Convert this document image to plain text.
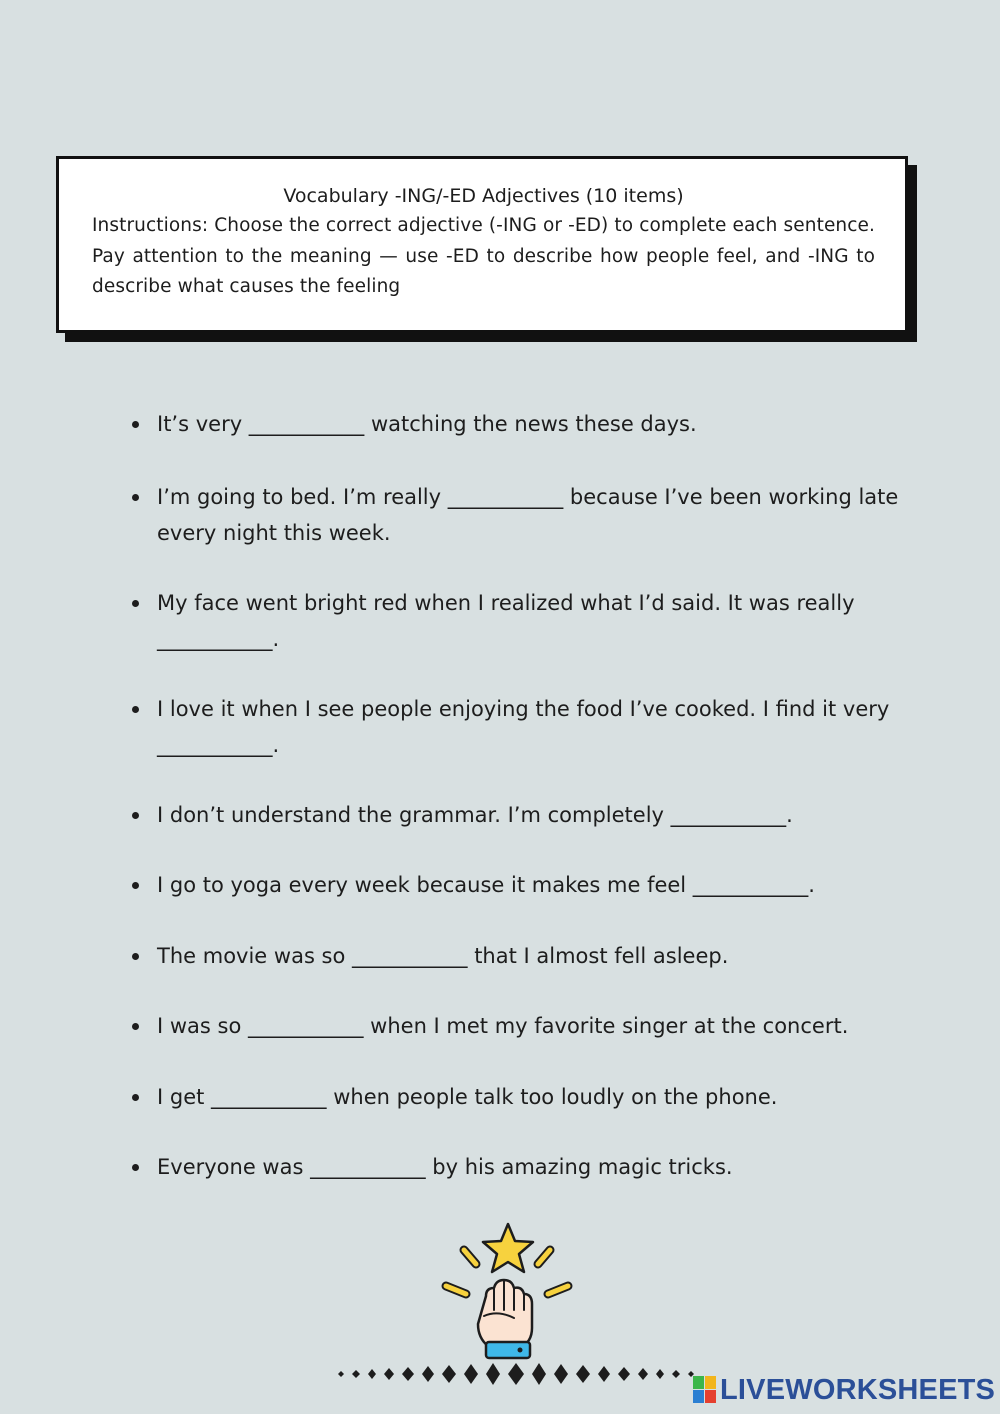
Vocabulary -ING/-ED Adjectives (10 items)

Instructions: Choose the correct adjective (-ING or -ED) to complete each sentence. Pay attention to the meaning — use -ED to describe how people feel, and -ING to describe what causes the feeling

It’s very ___________ watching the news these days.
I’m going to bed. I’m really ___________ because I’ve been working late every night this week.
My face went bright red when I realized what I’d said. It was really ___________.
I love it when I see people enjoying the food I’ve cooked. I find it very ___________.
I don’t understand the grammar. I’m completely ___________.
I go to yoga every week because it makes me feel ___________.
The movie was so ___________ that I almost fell asleep.
I was so ___________ when I met my favorite singer at the concert.
I get ___________ when people talk too loudly on the phone.
Everyone was ___________ by his amazing magic tricks.
LIVEWORKSHEETS
